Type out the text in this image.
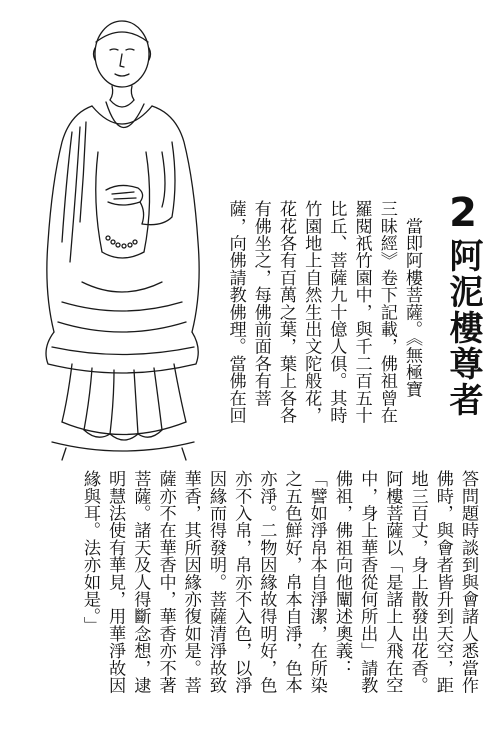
2阿泥樓尊者
　當即阿樓菩薩。《無極寶
三昧經》卷下記載，佛祖曾在
羅閱祇竹園中，與千二百五十
比丘、菩薩九十億人俱。其時
竹園地上自然生出文陀般花，
花花各有百萬之葉，葉上各各
有佛坐之，每佛前面各有菩
薩，向佛請教佛理。當佛在回
答問題時談到與會諸人悉當作
佛時，與會者皆升到天空，距
地三百丈，身上散發出花香。
阿樓菩薩以「是諸上人飛在空
中，身上華香從何所出」請教
佛祖，佛祖向他闡述奧義：
「譬如淨帛本自淨潔，在所染
之五色鮮好，帛本自淨，色本
亦淨。二物因緣故得明好，色
亦不入帛，帛亦不入色，以淨
因緣而得發明。菩薩清淨故致
華香，其所因緣亦復如是。菩
薩亦不在華香中，華香亦不著
菩薩。諸天及人得斷念想，逮
明慧法使有華見，用華淨故因
緣與耳。法亦如是。」
